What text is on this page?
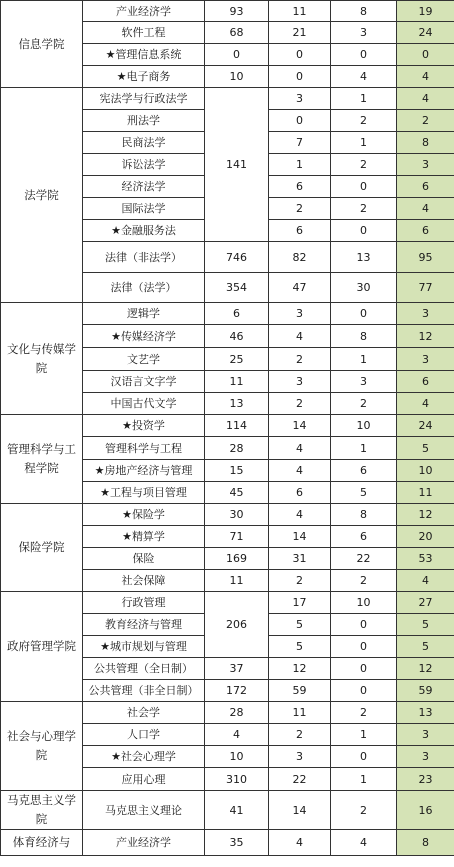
信息学院	产业经济学	93	11	8	19
	软件工程	68	21	3	24
	★管理信息系统	0	0	0	0
	★电子商务	10	0	4	4
法学院	宪法学与行政法学	141	3	1	4
	刑法学		0	2	2
	民商法学		7	1	8
	诉讼法学		1	2	3
	经济法学		6	0	6
	国际法学		2	2	4
	★金融服务法		6	0	6
	法律（非法学）	746	82	13	95
	法律（法学）	354	47	30	77
文化与传媒学院	逻辑学	6	3	0	3
	★传媒经济学	46	4	8	12
	文艺学	25	2	1	3
	汉语言文字学	11	3	3	6
	中国古代文学	13	2	2	4
管理科学与工程学院	★投资学	114	14	10	24
	管理科学与工程	28	4	1	5
	★房地产经济与管理	15	4	6	10
	★工程与项目管理	45	6	5	11
保险学院	★保险学	30	4	8	12
	★精算学	71	14	6	20
	保险	169	31	22	53
	社会保障	11	2	2	4
政府管理学院	行政管理	206	17	10	27
	教育经济与管理		5	0	5
	★城市规划与管理		5	0	5
	公共管理（全日制）	37	12	0	12
	公共管理（非全日制）	172	59	0	59
社会与心理学院	社会学	28	11	2	13
	人口学	4	2	1	3
	★社会心理学	10	3	0	3
	应用心理	310	22	1	23
马克思主义学院	马克思主义理论	41	14	2	16
体育经济与	产业经济学	35	4	4	8
